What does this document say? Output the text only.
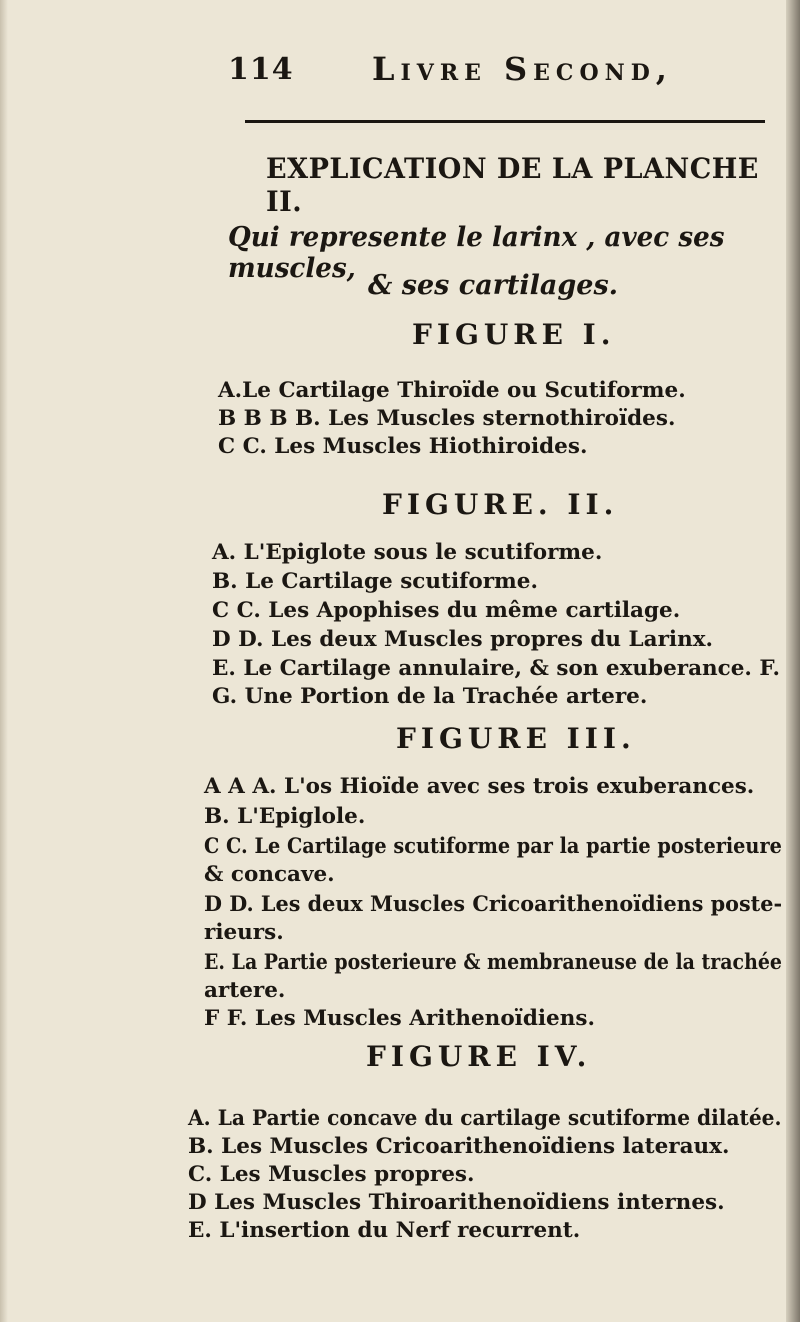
114 Livre Second,
EXPLICATION DE LA PLANCHE II.
Qui represente le larinx , avec ses muscles,
& ses cartilages.
FIGURE I.
A.Le Cartilage Thiroïde ou Scutiforme.
B B B B. Les Muscles sternothiroïdes.
C C. Les Muscles Hiothiroides.
FIGURE. II.
A. L'Epiglote sous le scutiforme.
B. Le Cartilage scutiforme.
C C. Les Apophises du même cartilage.
D D. Les deux Muscles propres du Larinx.
E. Le Cartilage annulaire, & son exuberance. F.
G. Une Portion de la Trachée artere.
FIGURE III.
A A A. L'os Hioïde avec ses trois exuberances.
B. L'Epiglole.
C C. Le Cartilage scutiforme par la partie posterieure
& concave.
D D. Les deux Muscles Cricoarithenoïdiens poste-
rieurs.
E. La Partie posterieure & membraneuse de la trachée
artere.
F F. Les Muscles Arithenoïdiens.
FIGURE IV.
A. La Partie concave du cartilage scutiforme dilatée.
B. Les Muscles Cricoarithenoïdiens lateraux.
C. Les Muscles propres.
D Les Muscles Thiroarithenoïdiens internes.
E. L'insertion du Nerf recurrent.
